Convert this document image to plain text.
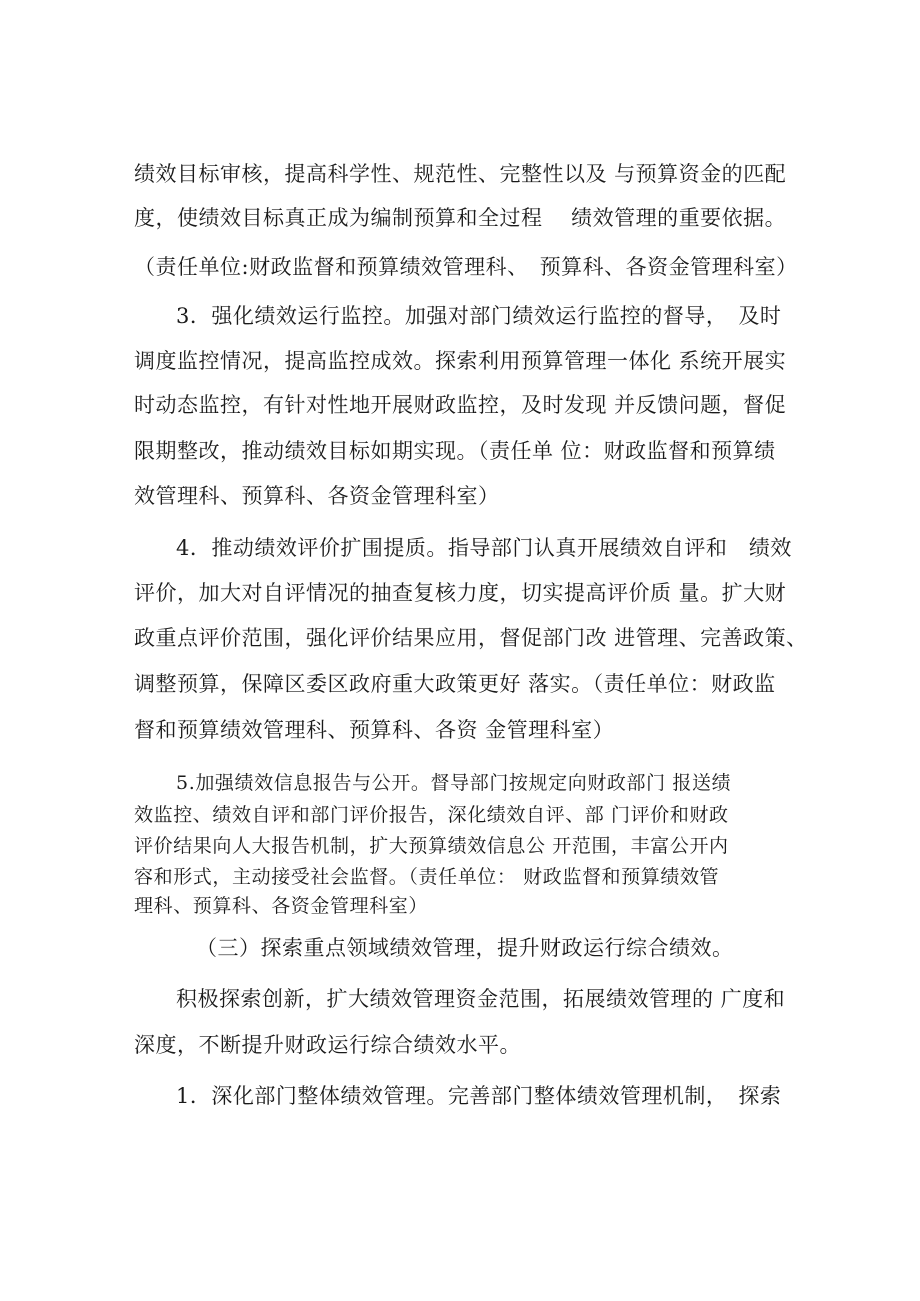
绩效目标审核，提高科学性、规范性、完整性以及 与预算资金的匹配

度，使绩效目标真正成为编制预算和全过程　 绩效管理的重要依据。

（责任单位:财政监督和预算绩效管理科、　预算科、各资金管理科室）

3．强化绩效运行监控。加强对部门绩效运行监控的督导，　及时

调度监控情况，提高监控成效。探索利用预算管理一体化 系统开展实

时动态监控，有针对性地开展财政监控，及时发现 并反馈问题，督促

限期整改，推动绩效目标如期实现。（责任单 位：财政监督和预算绩

效管理科、预算科、各资金管理科室）

4．推动绩效评价扩围提质。指导部门认真开展绩效自评和　绩效

评价，加大对自评情况的抽查复核力度，切实提高评价质 量。扩大财

政重点评价范围，强化评价结果应用，督促部门改 进管理、完善政策、

调整预算，保障区委区政府重大政策更好 落实。（责任单位：财政监

督和预算绩效管理科、预算科、各资 金管理科室）

5.加强绩效信息报告与公开。督导部门按规定向财政部门 报送绩

效监控、绩效自评和部门评价报告，深化绩效自评、部 门评价和财政

评价结果向人大报告机制，扩大预算绩效信息公 开范围，丰富公开内

容和形式，主动接受社会监督。（责任单位： 财政监督和预算绩效管

理科、预算科、各资金管理科室）

（三）探索重点领域绩效管理，提升财政运行综合绩效。

积极探索创新，扩大绩效管理资金范围，拓展绩效管理的 广度和

深度，不断提升财政运行综合绩效水平。

1．深化部门整体绩效管理。完善部门整体绩效管理机制，　探索
